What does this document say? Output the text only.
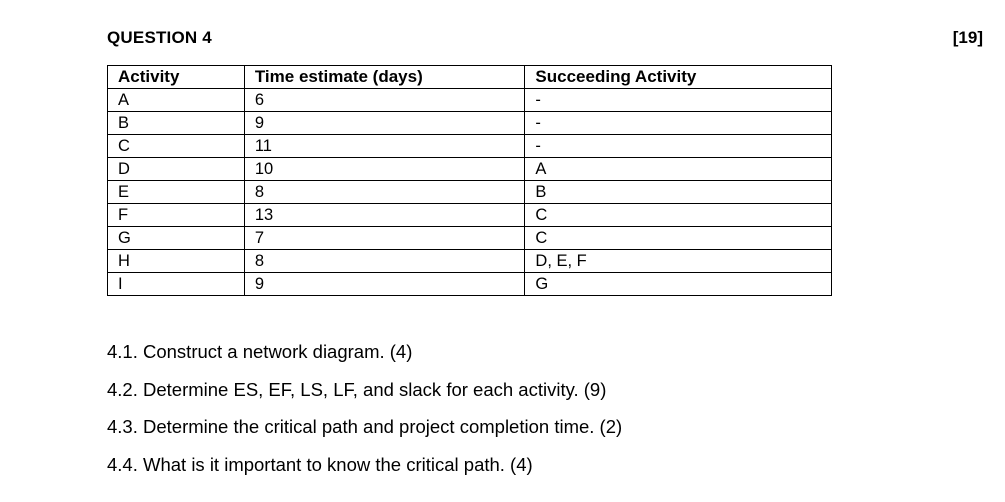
QUESTION 4	[19]
Activity	Time estimate (days)	Succeeding Activity
A	6	-
B	9	-
C	11	-
D	10	A
E	8	B
F	13	C
G	7	C
H	8	D, E, F
I	9	G
4.1. Construct a network diagram. (4)
4.2. Determine ES, EF, LS, LF, and slack for each activity. (9)
4.3. Determine the critical path and project completion time. (2)
4.4. What is it important to know the critical path. (4)
